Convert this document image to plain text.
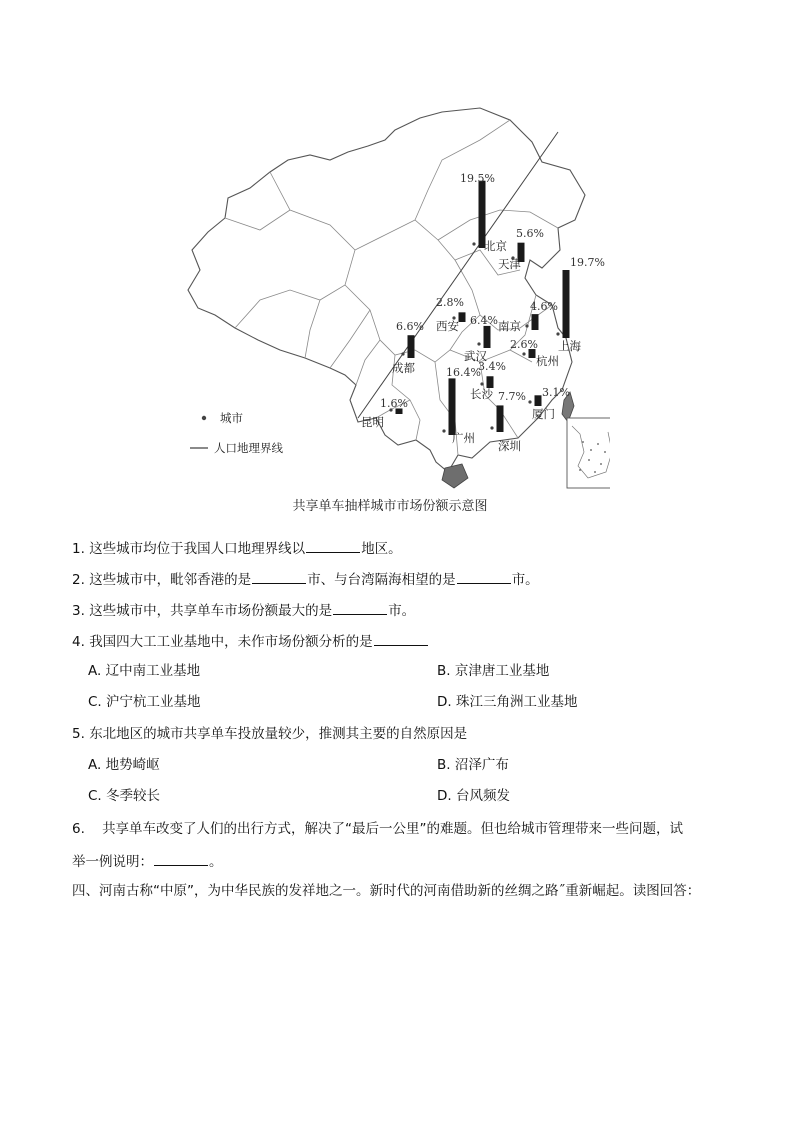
19.5%
北京
5.6%
天津	19.7%
上海
2.8%
西安
4.6%
南京
6.6%
成都
6.4%
武汉
2.6%
杭州
3.4%
长沙
16.4%
广州
7.7%
深圳
3.1%
厦门
1.6%
昆明
城市
人口地理界线
共享单车抽样城市市场份额示意图
1. 这些城市均位于我国人口地理界线以	地区。
2. 这些城市中，毗邻香港的是	市、与台湾隔海相望的是	市。
3. 这些城市中，共享单车市场份额最大的是	市。
4. 我国四大工工业基地中，未作市场份额分析的是
A. 辽中南工业基地	B. 京津唐工业基地
C. 沪宁杭工业基地	D. 珠江三角洲工业基地
5. 东北地区的城市共享单车投放量较少，推测其主要的自然原因是
A. 地势崎岖	B. 沼泽广布
C. 冬季较长	D. 台风频发
6. 共享单车改变了人们的出行方式，解决了“最后一公里”的难题。但也给城市管理带来一些问题，试
举一例说明：	。
四、河南古称“中原”，为中华民族的发祥地之一。新时代的河南借助新的丝绸之路˝重新崛起。读图回答：
